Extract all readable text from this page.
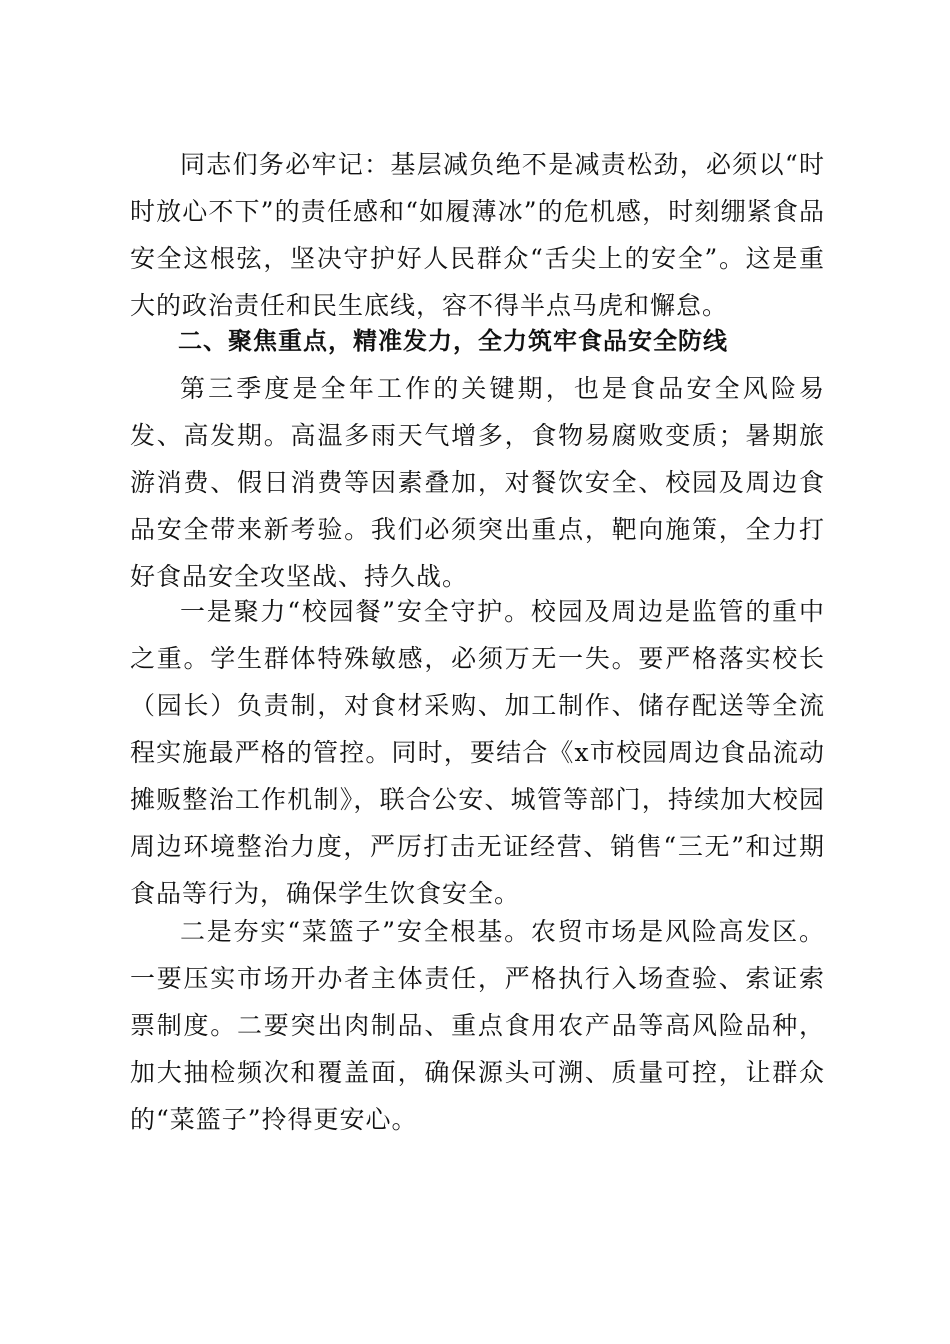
同志们务必牢记：基层减负绝不是减责松劲，必须以“时时放心不下”的责任感和“如履薄冰”的危机感，时刻绷紧食品安全这根弦，坚决守护好人民群众“舌尖上的安全”。这是重大的政治责任和民生底线，容不得半点马虎和懈怠。

二、聚焦重点，精准发力，全力筑牢食品安全防线

第三季度是全年工作的关键期，也是食品安全风险易发、高发期。高温多雨天气增多，食物易腐败变质；暑期旅游消费、假日消费等因素叠加，对餐饮安全、校园及周边食品安全带来新考验。我们必须突出重点，靶向施策，全力打好食品安全攻坚战、持久战。

一是聚力“校园餐”安全守护。校园及周边是监管的重中之重。学生群体特殊敏感，必须万无一失。要严格落实校长（园长）负责制，对食材采购、加工制作、储存配送等全流程实施最严格的管控。同时，要结合《x市校园周边食品流动摊贩整治工作机制》，联合公安、城管等部门，持续加大校园周边环境整治力度，严厉打击无证经营、销售“三无”和过期食品等行为，确保学生饮食安全。

二是夯实“菜篮子”安全根基。农贸市场是风险高发区。一要压实市场开办者主体责任，严格执行入场查验、索证索票制度。二要突出肉制品、重点食用农产品等高风险品种，加大抽检频次和覆盖面，确保源头可溯、质量可控，让群众的“菜篮子”拎得更安心。
